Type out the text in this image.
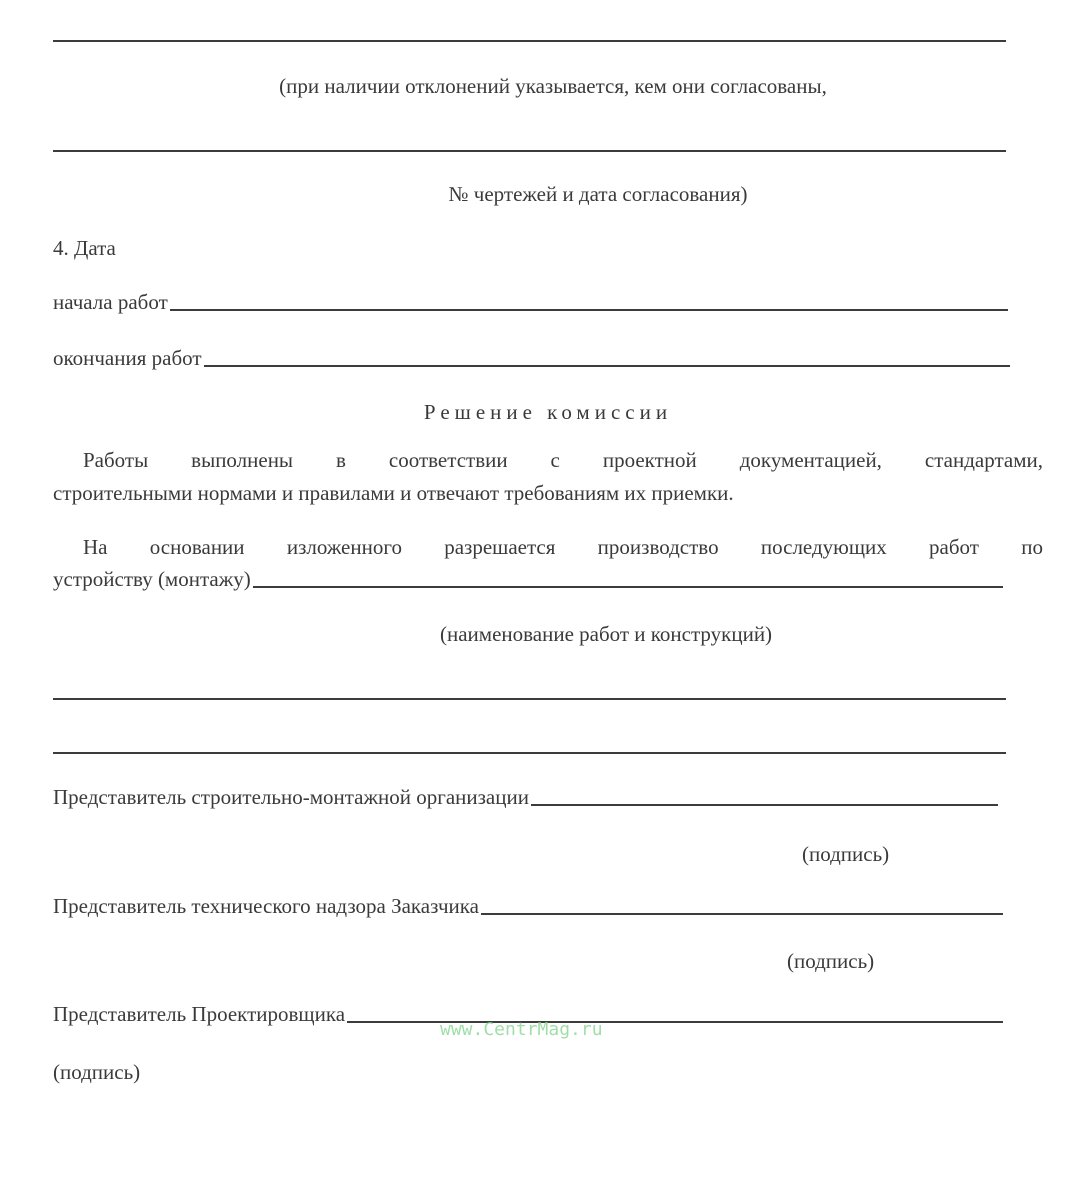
(при наличии отклонений указывается, кем они согласованы,
№ чертежей и дата согласования)
4. Дата
начала работ
окончания работ
Решение комиссии
Работы выполнены в соответствии с проектной документацией, стандартами,
строительными нормами и правилами и отвечают требованиям их приемки.
На основании изложенного разрешается производство последующих работ по
устройству (монтажу)
(наименование работ и конструкций)
Представитель строительно-монтажной организации
(подпись)
Представитель технического надзора Заказчика
(подпись)
Представитель Проектировщика
www.CentrMag.ru
(подпись)
